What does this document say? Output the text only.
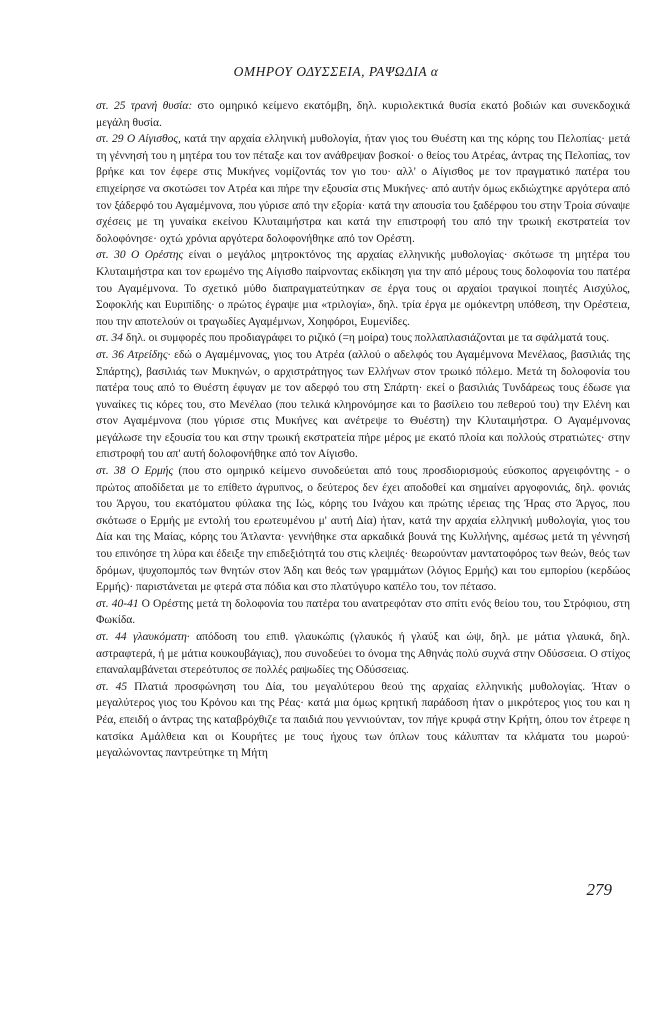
ΟΜΗΡΟΥ ΟΔΥΣΣΕΙΑ, ΡΑΨΩΔΙΑ α

στ. 25 τρανή θυσία: στο ομηρικό κείμενο εκατόμβη, δηλ. κυριολεκτικά θυσία εκατό βοδιών και συνεκδοχικά μεγάλη θυσία.

στ. 29 Ο Αίγισθος, κατά την αρχαία ελληνική μυθολογία, ήταν γιος του Θυέστη και της κόρης του Πελοπίας· μετά τη γέννησή του η μητέρα του τον πέταξε και τον ανάθρεψαν βοσκοί· ο θείος του Ατρέας, άντρας της Πελοπίας, τον βρήκε και τον έφερε στις Μυκήνες νομίζοντάς τον γιο του· αλλ' ο Αίγισθος με τον πραγματικό πατέρα του επιχείρησε να σκοτώσει τον Ατρέα και πήρε την εξουσία στις Μυκήνες· από αυτήν όμως εκδιώχτηκε αργότερα από τον ξάδερφό του Αγαμέμνονα, που γύρισε από την εξορία· κατά την απουσία του ξαδέρφου του στην Τροία σύναψε σχέσεις με τη γυναίκα εκείνου Κλυταιμήστρα και κατά την επιστροφή του από την τρωική εκστρατεία τον δολοφόνησε· οχτώ χρόνια αργότερα δολοφονήθηκε από τον Ορέστη.

στ. 30 Ο Ορέστης είναι ο μεγάλος μητροκτόνος της αρχαίας ελληνικής μυθολογίας· σκότωσε τη μητέρα του Κλυταιμήστρα και τον ερωμένο της Αίγισθο παίρνοντας εκδίκηση για την από μέρους τους δολοφονία του πατέρα του Αγαμέμνονα. Το σχετικό μύθο διαπραγματεύτηκαν σε έργα τους οι αρχαίοι τραγικοί ποιητές Αισχύλος, Σοφοκλής και Ευριπίδης· ο πρώτος έγραψε μια «τριλογία», δηλ. τρία έργα με ομόκεντρη υπόθεση, την Ορέστεια, που την αποτελούν οι τραγωδίες Αγαμέμνων, Χοηφόροι, Ευμενίδες.

στ. 34 δηλ. οι συμφορές που προδιαγράφει το ριζικό (=η μοίρα) τους πολλαπλασιάζονται με τα σφάλματά τους.

στ. 36 Ατρείδης· εδώ ο Αγαμέμνονας, γιος του Ατρέα (αλλού ο αδελφός του Αγαμέμνονα Μενέλαος, βασιλιάς της Σπάρτης), βασιλιάς των Μυκηνών, ο αρχιστράτηγος των Ελλήνων στον τρωικό πόλεμο. Μετά τη δολοφονία του πατέρα τους από το Θυέστη έφυγαν με τον αδερφό του στη Σπάρτη· εκεί ο βασιλιάς Τυνδάρεως τους έδωσε για γυναίκες τις κόρες του, στο Μενέλαο (που τελικά κληρονόμησε και το βασίλειο του πεθερού του) την Ελένη και στον Αγαμέμνονα (που γύρισε στις Μυκήνες και ανέτρεψε το Θυέστη) την Κλυταιμήστρα. Ο Αγαμέμνονας μεγάλωσε την εξουσία του και στην τρωική εκστρατεία πήρε μέρος με εκατό πλοία και πολλούς στρατιώτες· στην επιστροφή του απ' αυτή δολοφονήθηκε από τον Αίγισθο.

στ. 38 Ο Ερμής (που στο ομηρικό κείμενο συνοδεύεται από τους προσδιορισμούς εύσκοπος αργειφόντης - ο πρώτος αποδίδεται με το επίθετο άγρυπνος, ο δεύτερος δεν έχει αποδοθεί και σημαίνει αργοφονιάς, δηλ. φονιάς του Άργου, του εκατόματου φύλακα της Ιώς, κόρης του Ινάχου και πρώτης ιέρειας της Ήρας στο Άργος, που σκότωσε ο Ερμής με εντολή του ερωτευμένου μ' αυτή Δία) ήταν, κατά την αρχαία ελληνική μυθολογία, γιος του Δία και της Μαίας, κόρης του Άτλαντα· γεννήθηκε στα αρκαδικά βουνά της Κυλλήνης, αμέσως μετά τη γέννησή του επινόησε τη λύρα και έδειξε την επιδεξιότητά του στις κλεψιές· θεωρούνταν μαντατοφόρος των θεών, θεός των δρόμων, ψυχοπομπός των θνητών στον Άδη και θεός των γραμμάτων (λόγιος Ερμής) και του εμπορίου (κερδώος Ερμής)· παριστάνεται με φτερά στα πόδια και στο πλατύγυρο καπέλο του, τον πέτασο.

στ. 40-41 Ο Ορέστης μετά τη δολοφονία του πατέρα του ανατρεφόταν στο σπίτι ενός θείου του, του Στρόφιου, στη Φωκίδα.

στ. 44 γλαυκόματη· απόδοση του επιθ. γλαυκώπις (γλαυκός ή γλαύξ και ώψ, δηλ. με μάτια γλαυκά, δηλ. αστραφτερά, ή με μάτια κουκουβάγιας), που συνοδεύει το όνομα της Αθηνάς πολύ συχνά στην Οδύσσεια. Ο στίχος επαναλαμβάνεται στερεότυπος σε πολλές ραψωδίες της Οδύσσειας.

στ. 45 Πλατιά προσφώνηση του Δία, του μεγαλύτερου θεού της αρχαίας ελληνικής μυθολογίας. Ήταν ο μεγαλύτερος γιος του Κρόνου και της Ρέας· κατά μια όμως κρητική παράδοση ήταν ο μικρότερος γιος του και η Ρέα, επειδή ο άντρας της καταβρόχθιζε τα παιδιά που γεννιούνταν, τον πήγε κρυφά στην Κρήτη, όπου τον έτρεφε η κατσίκα Αμάλθεια και οι Κουρήτες με τους ήχους των όπλων τους κάλυπταν τα κλάματα του μωρού· μεγαλώνοντας παντρεύτηκε τη Μήτη

279
